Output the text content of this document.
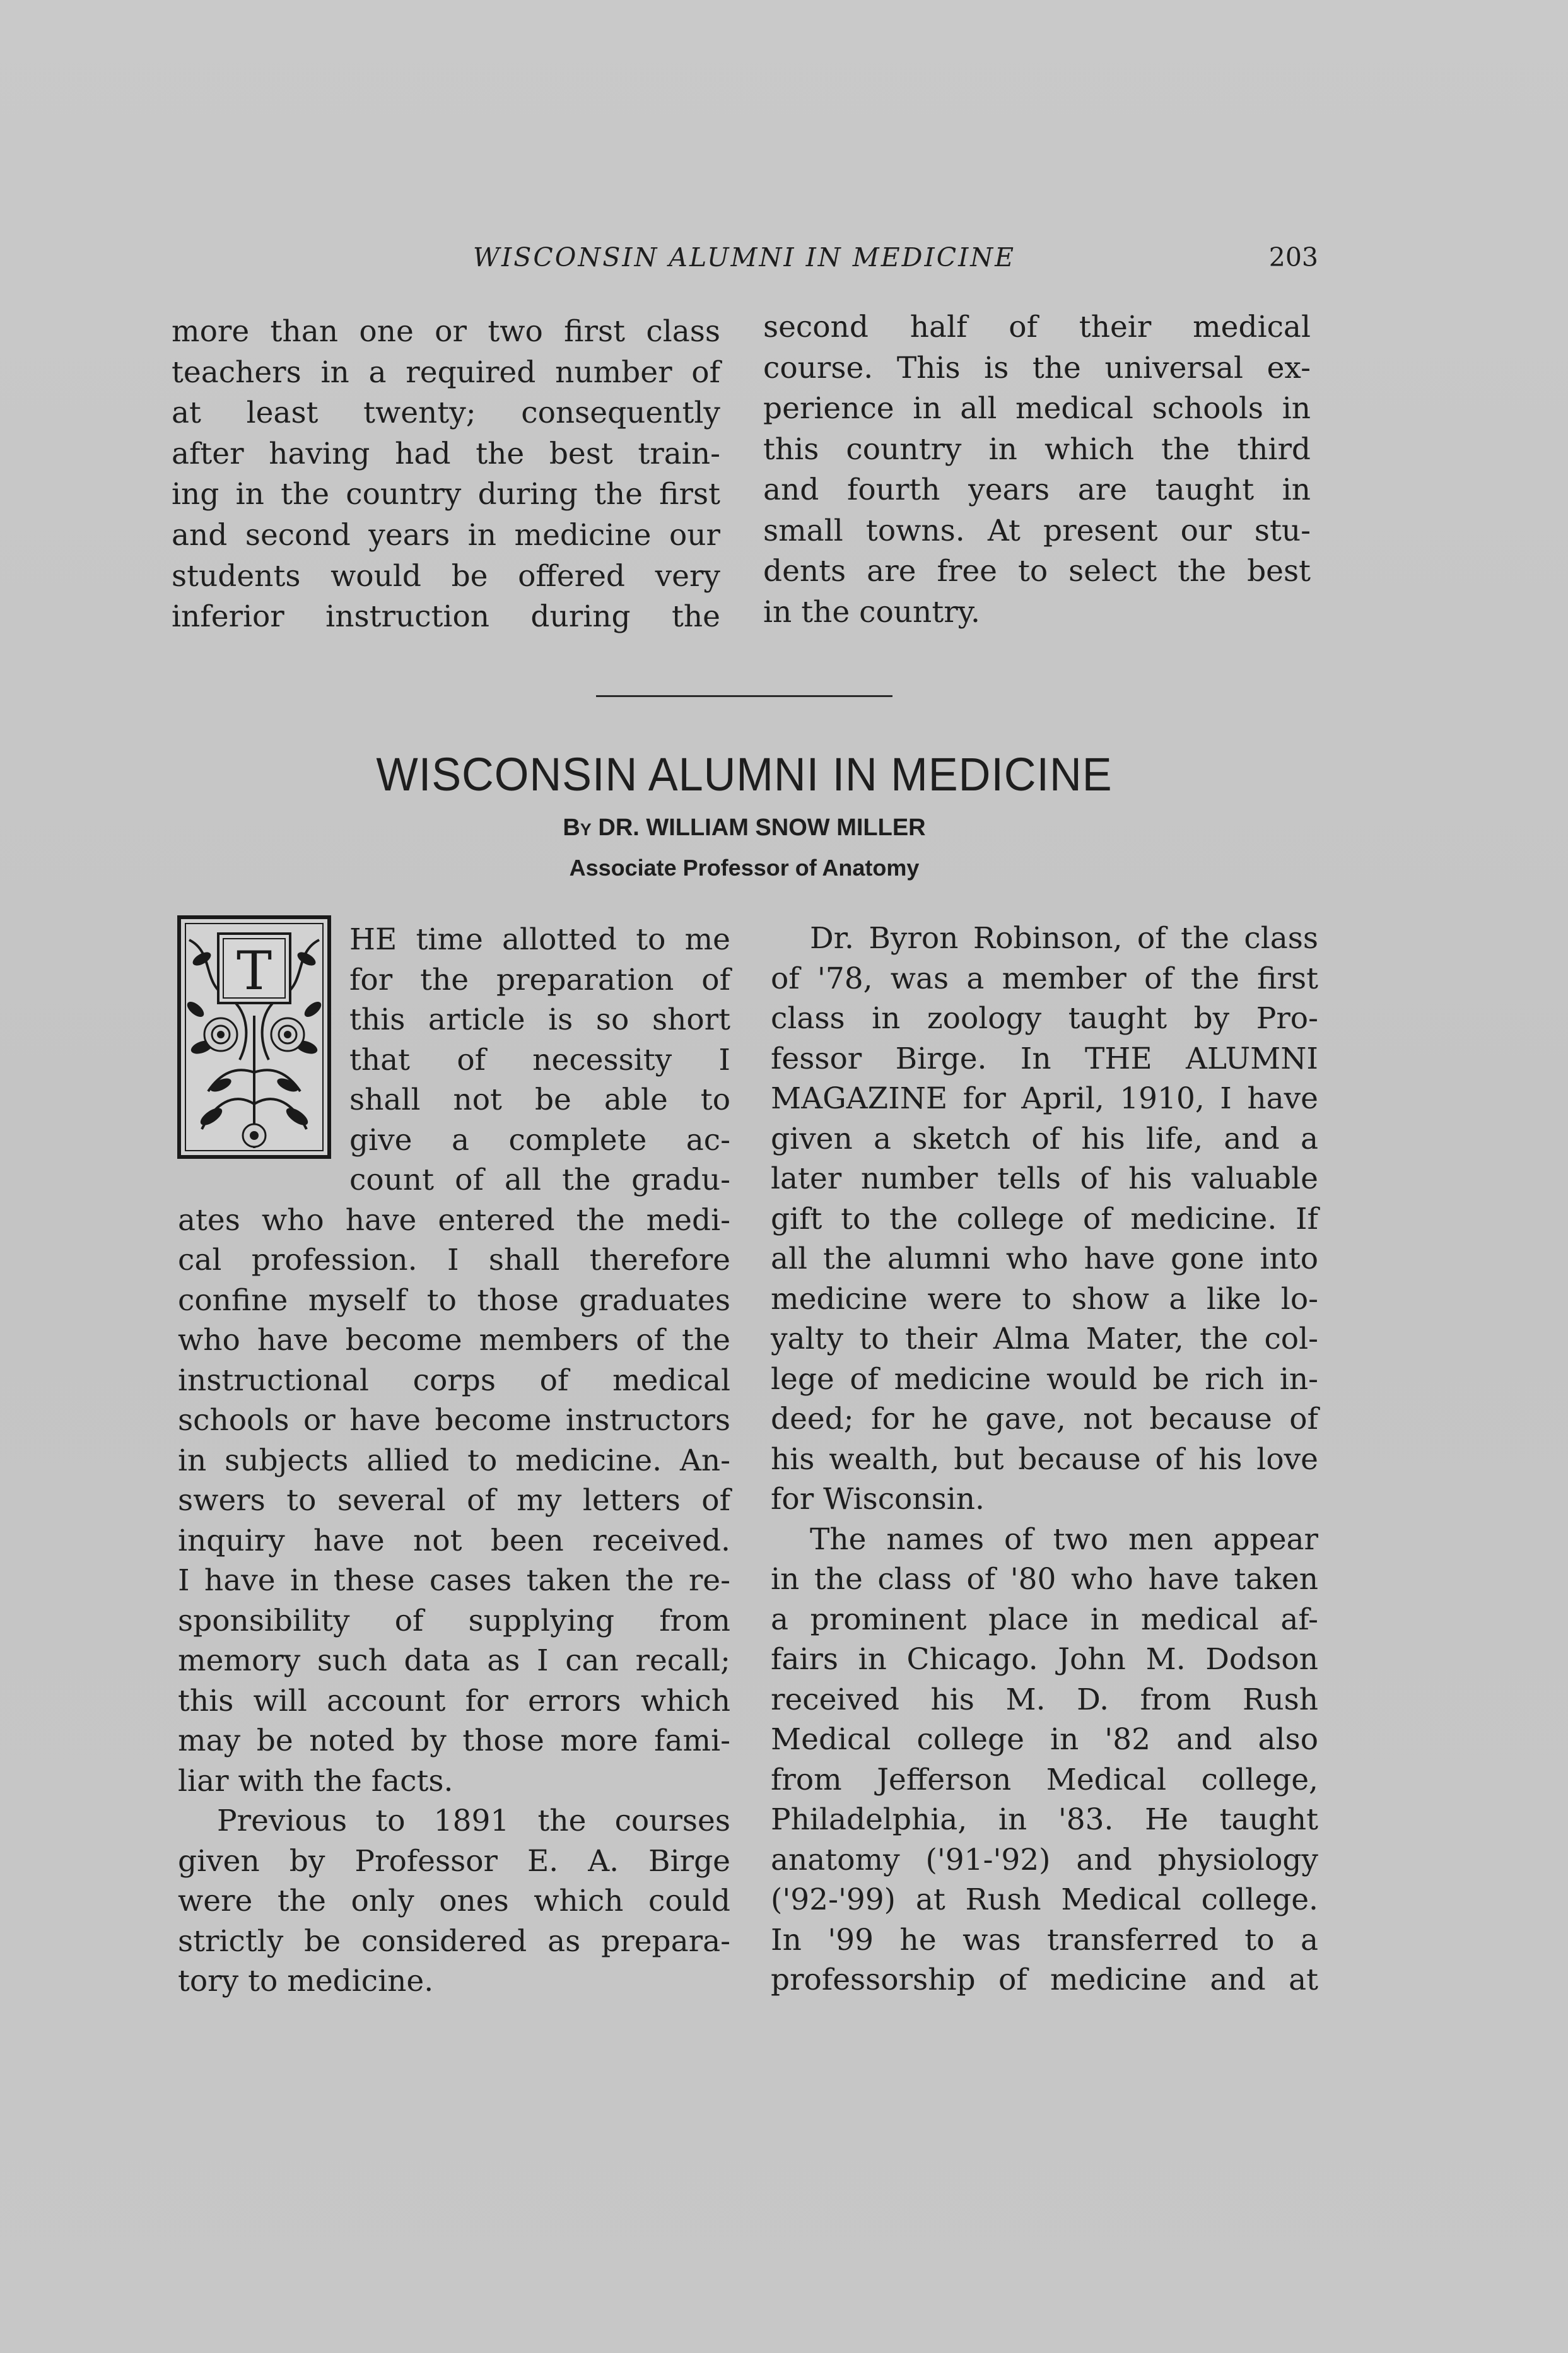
WISCONSIN ALUMNI IN MEDICINE	203

more than one or two first class

teachers in a required number of

at least twenty; consequently

after having had the best train-

ing in the country during the first

and second years in medicine our

students would be offered very

inferior instruction during the

second half of their medical

course. This is the universal ex-

perience in all medical schools in

this country in which the third

and fourth years are taught in

small towns. At present our stu-

dents are free to select the best

in the country.

WISCONSIN ALUMNI IN MEDICINE
By DR. WILLIAM SNOW MILLER
Associate Professor of Anatomy
T

HE time allotted to me

for the preparation of

this article is so short

that of necessity I

shall not be able to

give a complete ac-

count of all the gradu-

ates who have entered the medi-

cal profession. I shall therefore

confine myself to those graduates

who have become members of the

instructional corps of medical

schools or have become instructors

in subjects allied to medicine. An-

swers to several of my letters of

inquiry have not been received.

I have in these cases taken the re-

sponsibility of supplying from

memory such data as I can recall;

this will account for errors which

may be noted by those more fami-

liar with the facts.

Previous to 1891 the courses

given by Professor E. A. Birge

were the only ones which could

strictly be considered as prepara-

tory to medicine.

Dr. Byron Robinson, of the class

of '78, was a member of the first

class in zoology taught by Pro-

fessor Birge. In THE ALUMNI

MAGAZINE for April, 1910, I have

given a sketch of his life, and a

later number tells of his valuable

gift to the college of medicine. If

all the alumni who have gone into

medicine were to show a like lo-

yalty to their Alma Mater, the col-

lege of medicine would be rich in-

deed; for he gave, not because of

his wealth, but because of his love

for Wisconsin.

The names of two men appear

in the class of '80 who have taken

a prominent place in medical af-

fairs in Chicago. John M. Dodson

received his M. D. from Rush

Medical college in '82 and also

from Jefferson Medical college,

Philadelphia, in '83. He taught

anatomy ('91-'92) and physiology

('92-'99) at Rush Medical college.

In '99 he was transferred to a

professorship of medicine and at
